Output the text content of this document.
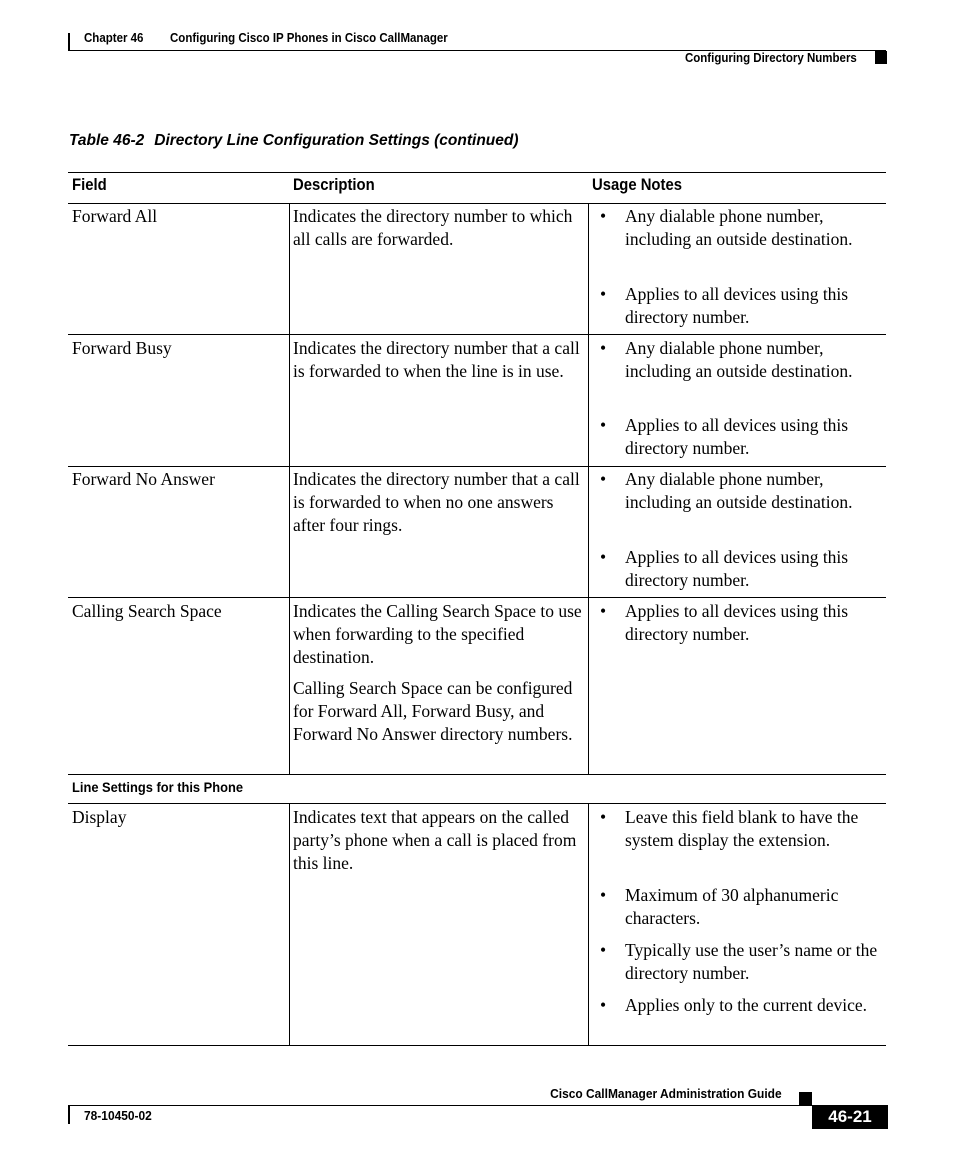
Chapter 46 Configuring Cisco IP Phones in Cisco CallManager
Configuring Directory Numbers
Table 46-2 Directory Line Configuration Settings (continued)
Field	Description	Usage Notes
Forward All	Indicates the directory number to which all calls are forwarded.
• Any dialable phone number, including an outside destination.
• Applies to all devices using this directory number.
Forward Busy	Indicates the directory number that a call is forwarded to when the line is in use.
• Any dialable phone number, including an outside destination.
• Applies to all devices using this directory number.
Forward No Answer	Indicates the directory number that a call is forwarded to when no one answers after four rings.
• Any dialable phone number, including an outside destination.
• Applies to all devices using this directory number.
Calling Search Space	Indicates the Calling Search Space to use when forwarding to the specified destination.
Calling Search Space can be configured for Forward All, Forward Busy, and Forward No Answer directory numbers.
• Applies to all devices using this directory number.
Line Settings for this Phone
Display	Indicates text that appears on the called party’s phone when a call is placed from this line.
• Leave this field blank to have the system display the extension.
• Maximum of 30 alphanumeric characters.
• Typically use the user’s name or the directory number.
• Applies only to the current device.
Cisco CallManager Administration Guide
78-10450-02	46-21
